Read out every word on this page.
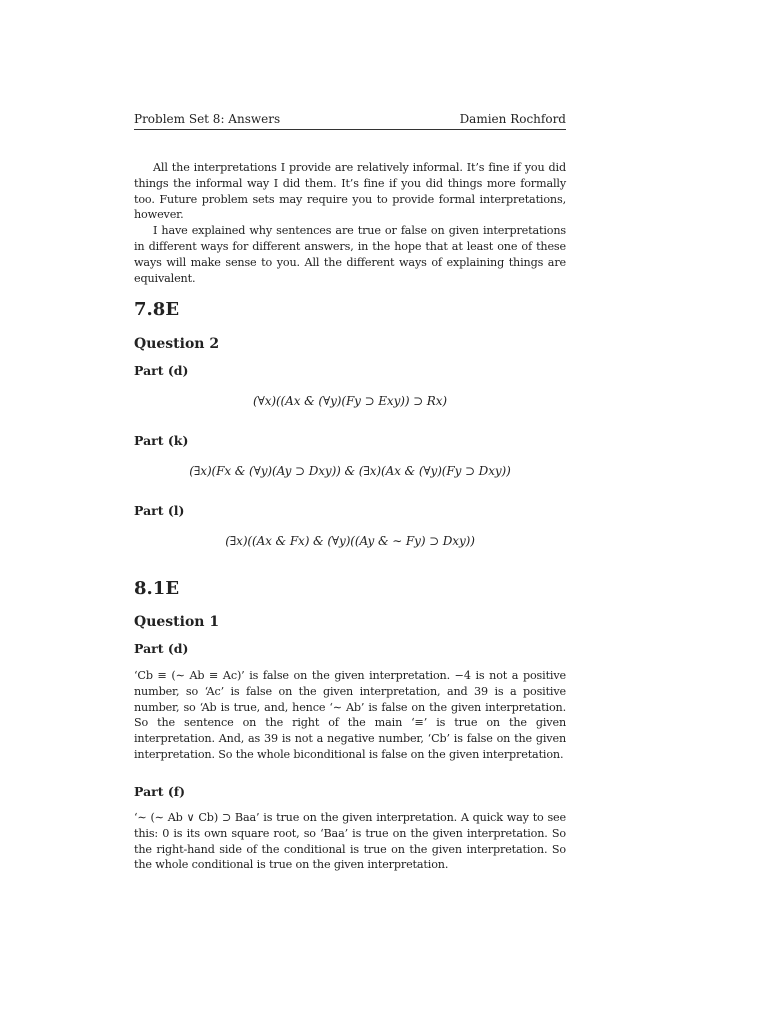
Problem Set 8: Answers	Damien Rochford

All the interpretations I provide are relatively informal. It’s fine if you did things the informal way I did them. It’s fine if you did things more formally too. Future problem sets may require you to provide formal interpretations, however.

I have explained why sentences are true or false on given interpretations in different ways for different answers, in the hope that at least one of these ways will make sense to you. All the different ways of explaining things are equivalent.

7.8E
Question 2
Part (d)
(∀x)((Ax & (∀y)(Fy ⊃ Exy)) ⊃ Rx)
Part (k)
(∃x)(Fx & (∀y)(Ay ⊃ Dxy)) & (∃x)(Ax & (∀y)(Fy ⊃ Dxy))
Part (l)
(∃x)((Ax & Fx) & (∀y)((Ay & ∼ Fy) ⊃ Dxy))
8.1E
Question 1
Part (d)

‘Cb ≡ (∼ Ab ≡ Ac)’ is false on the given interpretation. −4 is not a positive number, so ‘Ac’ is false on the given interpretation, and 39 is a positive number, so ‘Ab is true, and, hence ‘∼ Ab’ is false on the given interpretation. So the sentence on the right of the main ‘≡’ is true on the given interpretation. And, as 39 is not a negative number, ‘Cb’ is false on the given interpretation. So the whole biconditional is false on the given interpretation.

Part (f)

‘∼ (∼ Ab ∨ Cb) ⊃ Baa’ is true on the given interpretation. A quick way to see this: 0 is its own square root, so ‘Baa’ is true on the given interpretation. So the right-hand side of the conditional is true on the given interpretation. So the whole conditional is true on the given interpretation.
